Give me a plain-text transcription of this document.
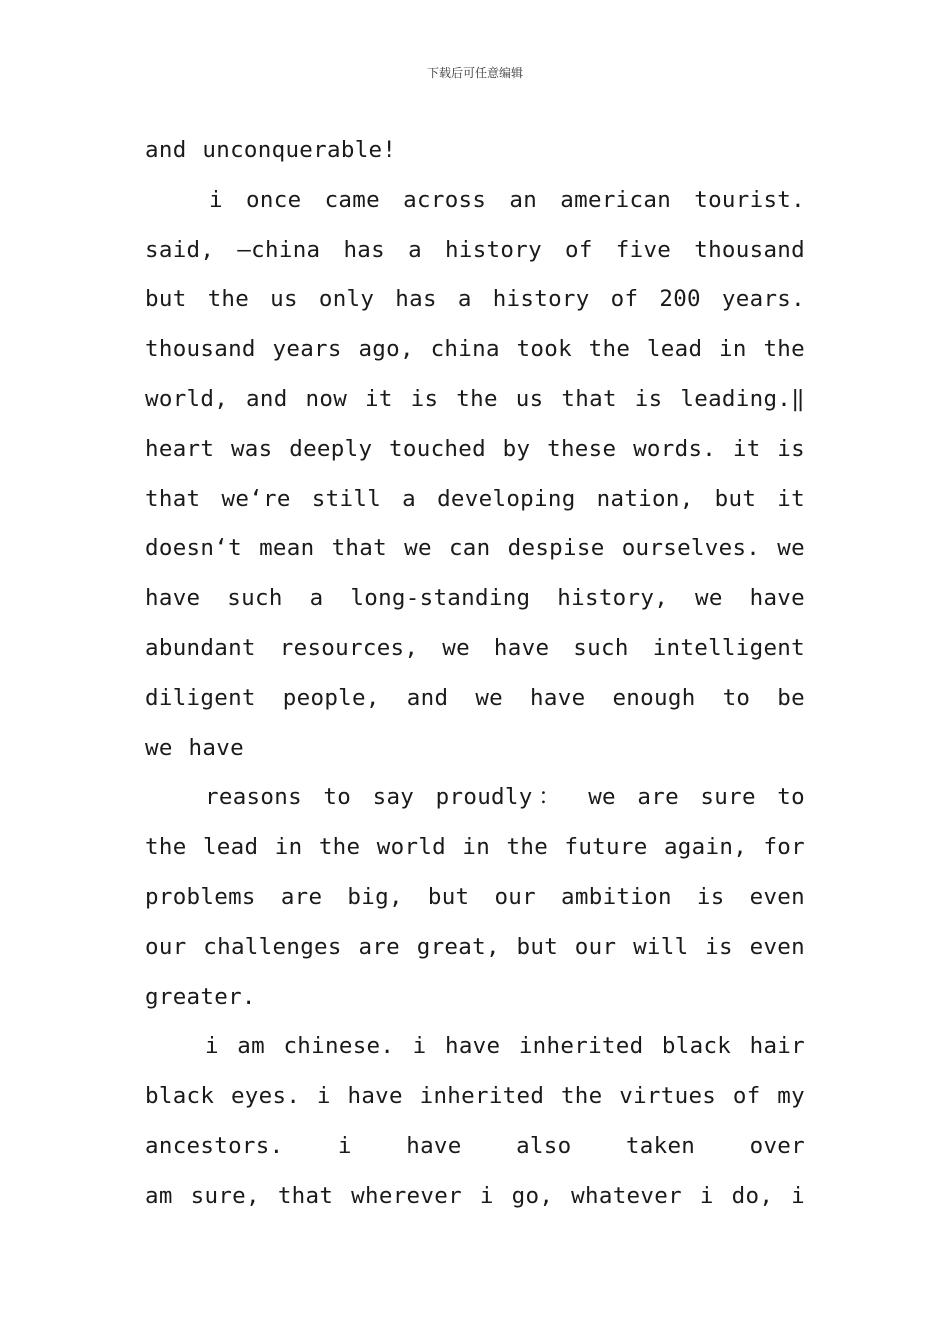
下载后可任意编辑
and unconquerable!
i once came across an american tourist.
said, —china has a history of five thousand
but the us only has a history of 200 years.
thousand years ago, china took the lead in the
world, and now it is the us that is leading.‖
heart was deeply touched by these words. it is
that we‘re still a developing nation, but it
doesn‘t mean that we can despise ourselves. we
have such a long-standing history, we have
abundant resources, we have such intelligent
diligent people, and we have enough to be
we have
reasons to say proudly： we are sure to
the lead in the world in the future again, for
problems are big, but our ambition is even
our challenges are great, but our will is even
greater.
i am chinese. i have inherited black hair
black eyes. i have inherited the virtues of my
ancestors. i have also taken over
am sure, that wherever i go, whatever i do, i
